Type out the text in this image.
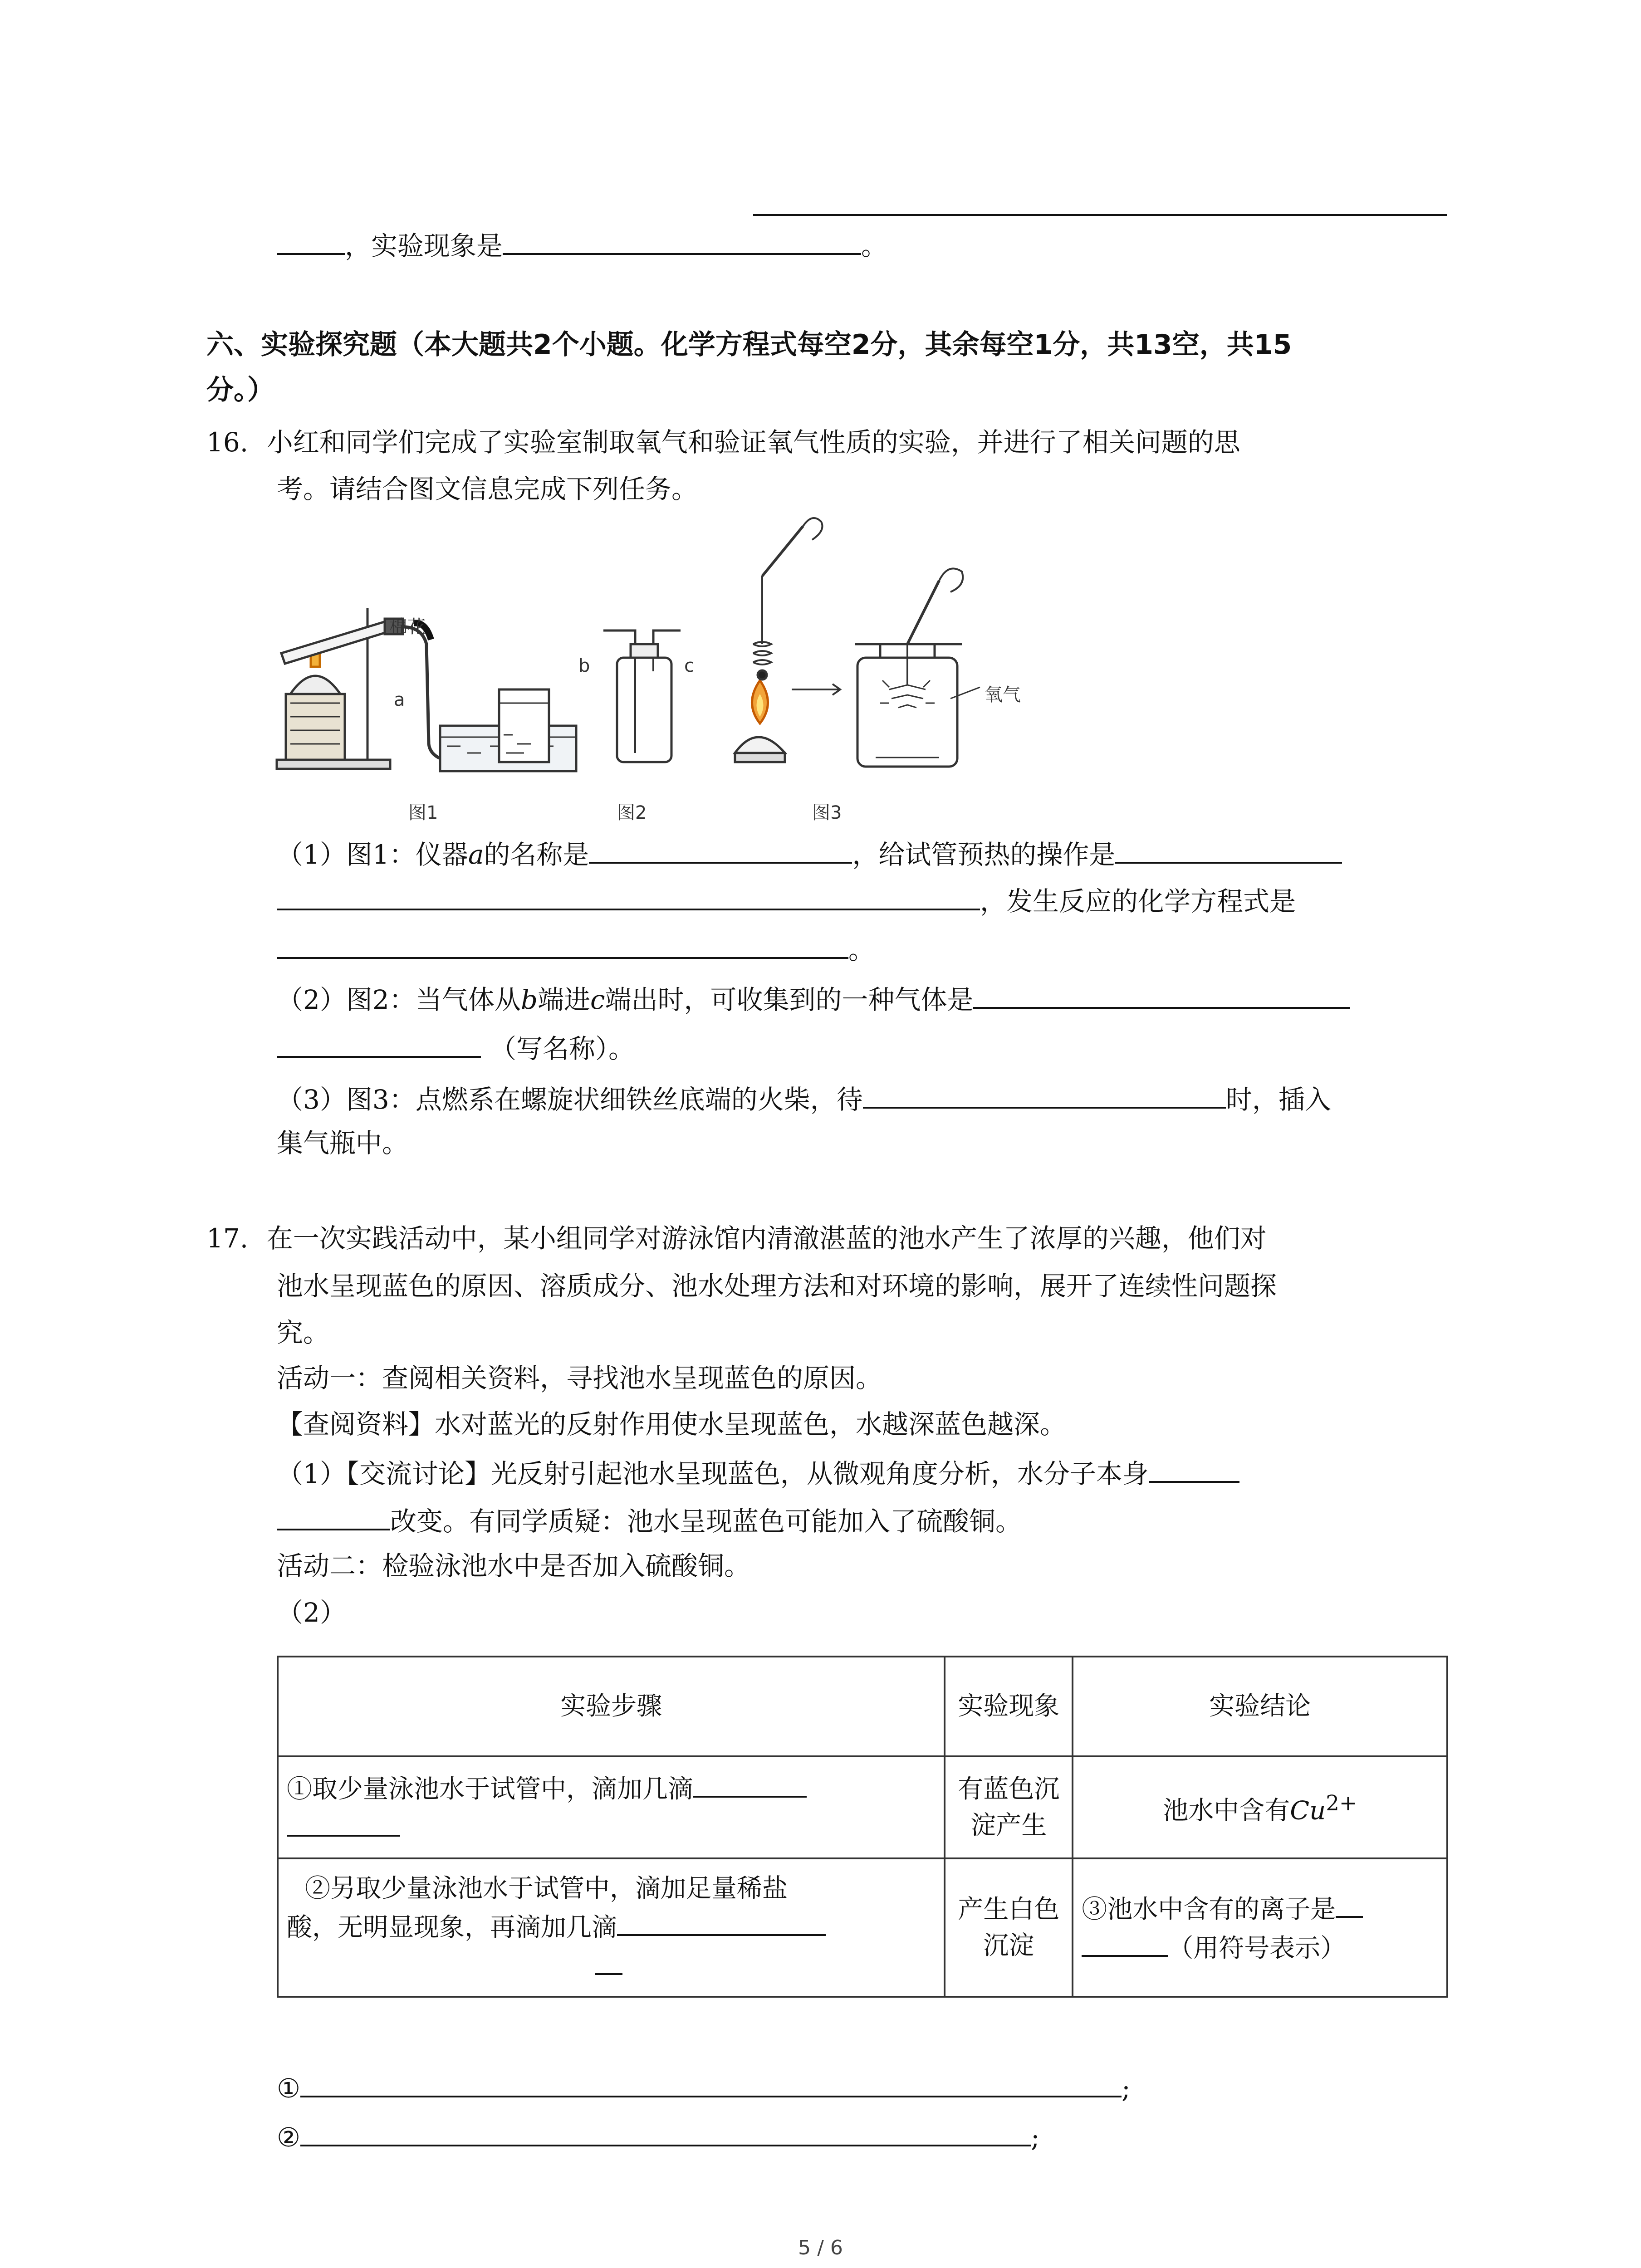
，实验现象是	。
六、实验探究题（本大题共2个小题。化学方程式每空2分，其余每空1分，共13空，共15
分。）
16. 小红和同学们完成了实验室制取氧气和验证氧气性质的实验，并进行了相关问题的思
考。请结合图文信息完成下列任务。
棉花
a
b	c
氧气
图1	图2	图3
（1）图1：仪器a的名称是	，给试管预热的操作是
，发生反应的化学方程式是
。
（2）图2：当气体从b端进c端出时，可收集到的一种气体是
（写名称）。
（3）图3：点燃系在螺旋状细铁丝底端的火柴，待	时，插入
集气瓶中。
17. 在一次实践活动中，某小组同学对游泳馆内清澈湛蓝的池水产生了浓厚的兴趣，他们对
池水呈现蓝色的原因、溶质成分、池水处理方法和对环境的影响，展开了连续性问题探
究。
活动一：查阅相关资料，寻找池水呈现蓝色的原因。
【查阅资料】水对蓝光的反射作用使水呈现蓝色，水越深蓝色越深。
（1）【交流讨论】光反射引起池水呈现蓝色，从微观角度分析，水分子本身
改变。有同学质疑：池水呈现蓝色可能加入了硫酸铜。
活动二：检验泳池水中是否加入硫酸铜。
（2）
实验步骤	实验现象	实验结论
①取少量泳池水于试管中，滴加几滴	有蓝色沉淀产生	池水中含有$Cu^{2+}$
②另取少量泳池水于试管中，滴加足量稀盐
酸，无明显现象，再滴加几滴	产生白色沉淀	③池水中含有的离子是
（用符号表示）
①	;
②	;
5 / 6
